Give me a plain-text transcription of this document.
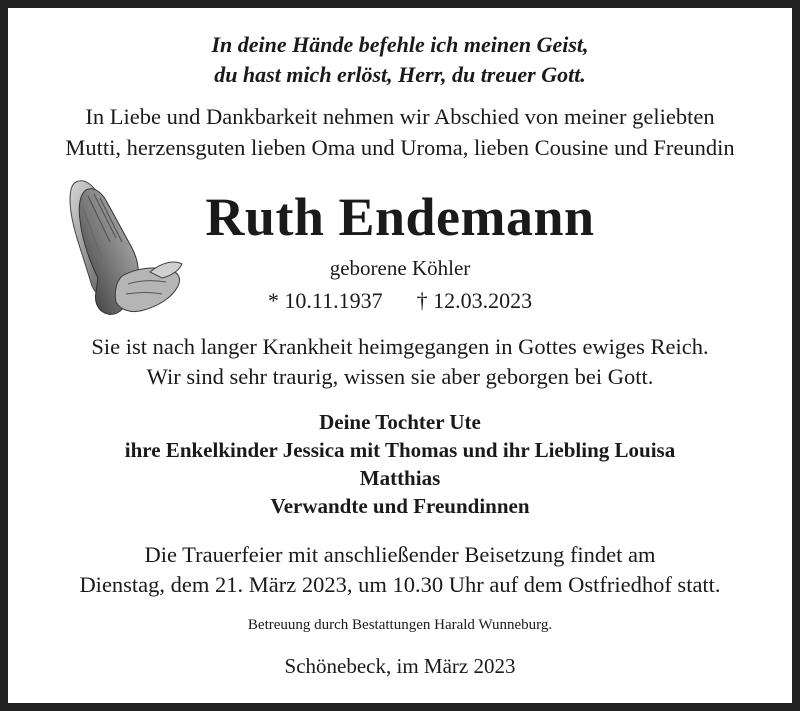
In deine Hände befehle ich meinen Geist,
du hast mich erlöst, Herr, du treuer Gott.
In Liebe und Dankbarkeit nehmen wir Abschied von meiner geliebten
Mutti, herzensguten lieben Oma und Uroma, lieben Cousine und Freundin
Ruth Endemann
geborene Köhler
* 10.11.1937 † 12.03.2023
Sie ist nach langer Krankheit heimgegangen in Gottes ewiges Reich.
Wir sind sehr traurig, wissen sie aber geborgen bei Gott.
Deine Tochter Ute
ihre Enkelkinder Jessica mit Thomas und ihr Liebling Louisa
Matthias
Verwandte und Freundinnen
Die Trauerfeier mit anschließender Beisetzung findet am
Dienstag, dem 21. März 2023, um 10.30 Uhr auf dem Ostfriedhof statt.
Betreuung durch Bestattungen Harald Wunneburg.
Schönebeck, im März 2023
